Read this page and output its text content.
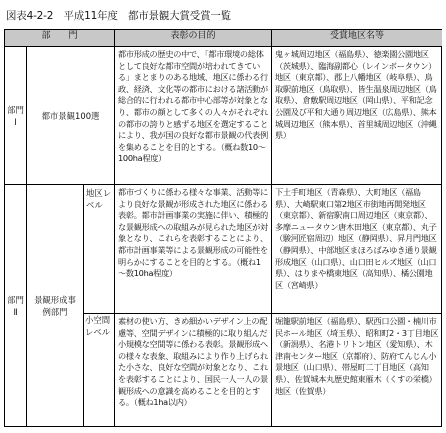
図表4-2-2　平成11年度　都市景観大賞受賞一覧
部　　門	表彰の目的	受賞地区名等
部門
Ⅰ
都市景観100選
都市形成の歴史の中で、「都市環境の総体として良好な都市空間が培われてきている」まとまりのある地域、地区に係わる行政、経済、文化等の都市における諸活動が総合的に行われる都市中心部等が対象となり、都市の顔として多くの人々がそれぞれの都市の誇りと感ずる地区を選定することにより、我が国の良好な都市景観の代表例を集めることを目的とする。（概ね数10～100ha程度）
鬼ヶ城周辺地区（福島県）、徳楽園公園地区（茨城県）、臨海副都心（レインボータウン）地区（東京都）、郡上八幡地区（岐阜県）、鳥取駅前地区（鳥取県）、皆生温泉周辺地区（鳥取県）、倉敷駅周辺地区（岡山県）、平和記念公園及び平和大通り周辺地区（広島県）、熊本城周辺地区（熊本県）、首里城周辺地区（沖縄県）
部門
Ⅱ
景観形成事例部門
地区レベル
都市づくりに係わる様々な事業、活動等により良好な景観が形成された地区に係わる表彰。都市計画事業の実施に伴い、積極的な景観形成への取組みが見られた地区が対象となり、これらを表彰することにより、都市計画事業等による景観形成の可能性を明らかにすることを目的とする。（概ね1～数10ha程度）
下土手町地区（青森県）、大町地区（福島県）、大崎駅東口第2地区市街地再開発地区（東京都）、新宿駅南口周辺地区（東京都）、多摩ニュータウン唐木田地区（東京都）、丸子（駿河匠宿周辺）地区（静岡県）、昇月門地区（静岡県）、中部地区まほろばみゆき通り景観形成地区（山口県）、山口田ヒルズ地区（山口県）、はりまや橋東地区（高知県）、橘公園地区（宮崎県）
小空間レベル
素材の使い方、きめ細かいデザイン上の配慮等、空間デザインに積極的に取り組んだ小規模な空間等に係わる表彰。景観形成への様々な表象、取組みにより作り上げられた小さな、良好な空間が対象となり、これを表彰することにより、国民一人一人の景観形成への意識を高めることを目的とする。（概ね1ha以内）
堀籠駅前地区（福島県）、駅西口公園・楠川市民ホール地区（埼玉県）、昭和町2・3丁目地区（新潟県）、名港トリトン地区（愛知県）、木津南センター地区（京都府）、防府てんじん小景地区（山口県）、帯屋町二丁目地区（高知県）、佐賀城本丸歴史館東雁木（くすの栄橋）地区（佐賀県）
